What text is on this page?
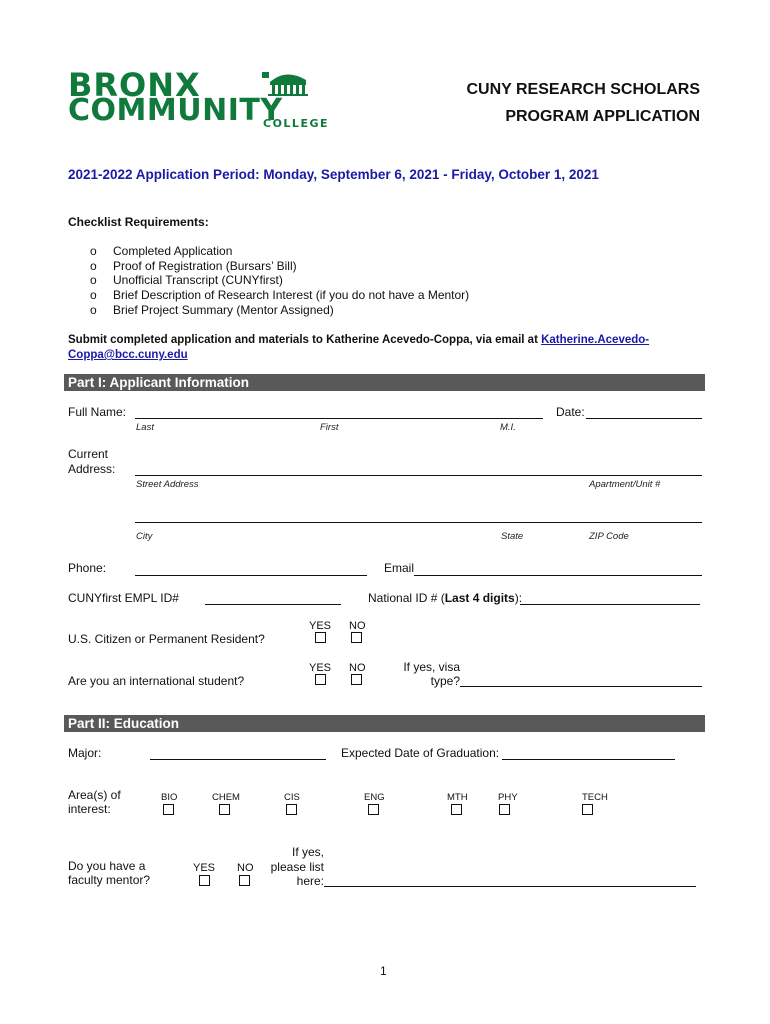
BRONX
COMMUNITY
COLLEGE
CUNY RESEARCH SCHOLARS
PROGRAM APPLICATION
2021-2022 Application Period: Monday, September 6, 2021 - Friday, October 1, 2021
Checklist Requirements:
o
o
o
o
o
Completed Application
Proof of Registration (Bursars’ Bill)
Unofficial Transcript (CUNYfirst)
Brief Description of Research Interest (if you do not have a Mentor)
Brief Project Summary (Mentor Assigned)
Submit completed application and materials to Katherine Acevedo-Coppa, via email at Katherine.Acevedo-
Coppa@bcc.cuny.edu
Part I: Applicant Information
Full Name:	Date:
Last	First	M.I.
Current
Address:
Street Address	Apartment/Unit #
City	State	ZIP Code
Phone:	Email
CUNYfirst EMPL ID#	National ID # (Last 4 digits):
YES NO
U.S. Citizen or Permanent Resident?
YES NO
Are you an international student?
If yes, visa
type?
Part II: Education
Major:	Expected Date of Graduation:
Area(s) of
interest:
BIO	CHEM	CIS	ENG	MTH	PHY	TECH
Do you have a
faculty mentor?
YES NO
If yes,
please list
here:
1
